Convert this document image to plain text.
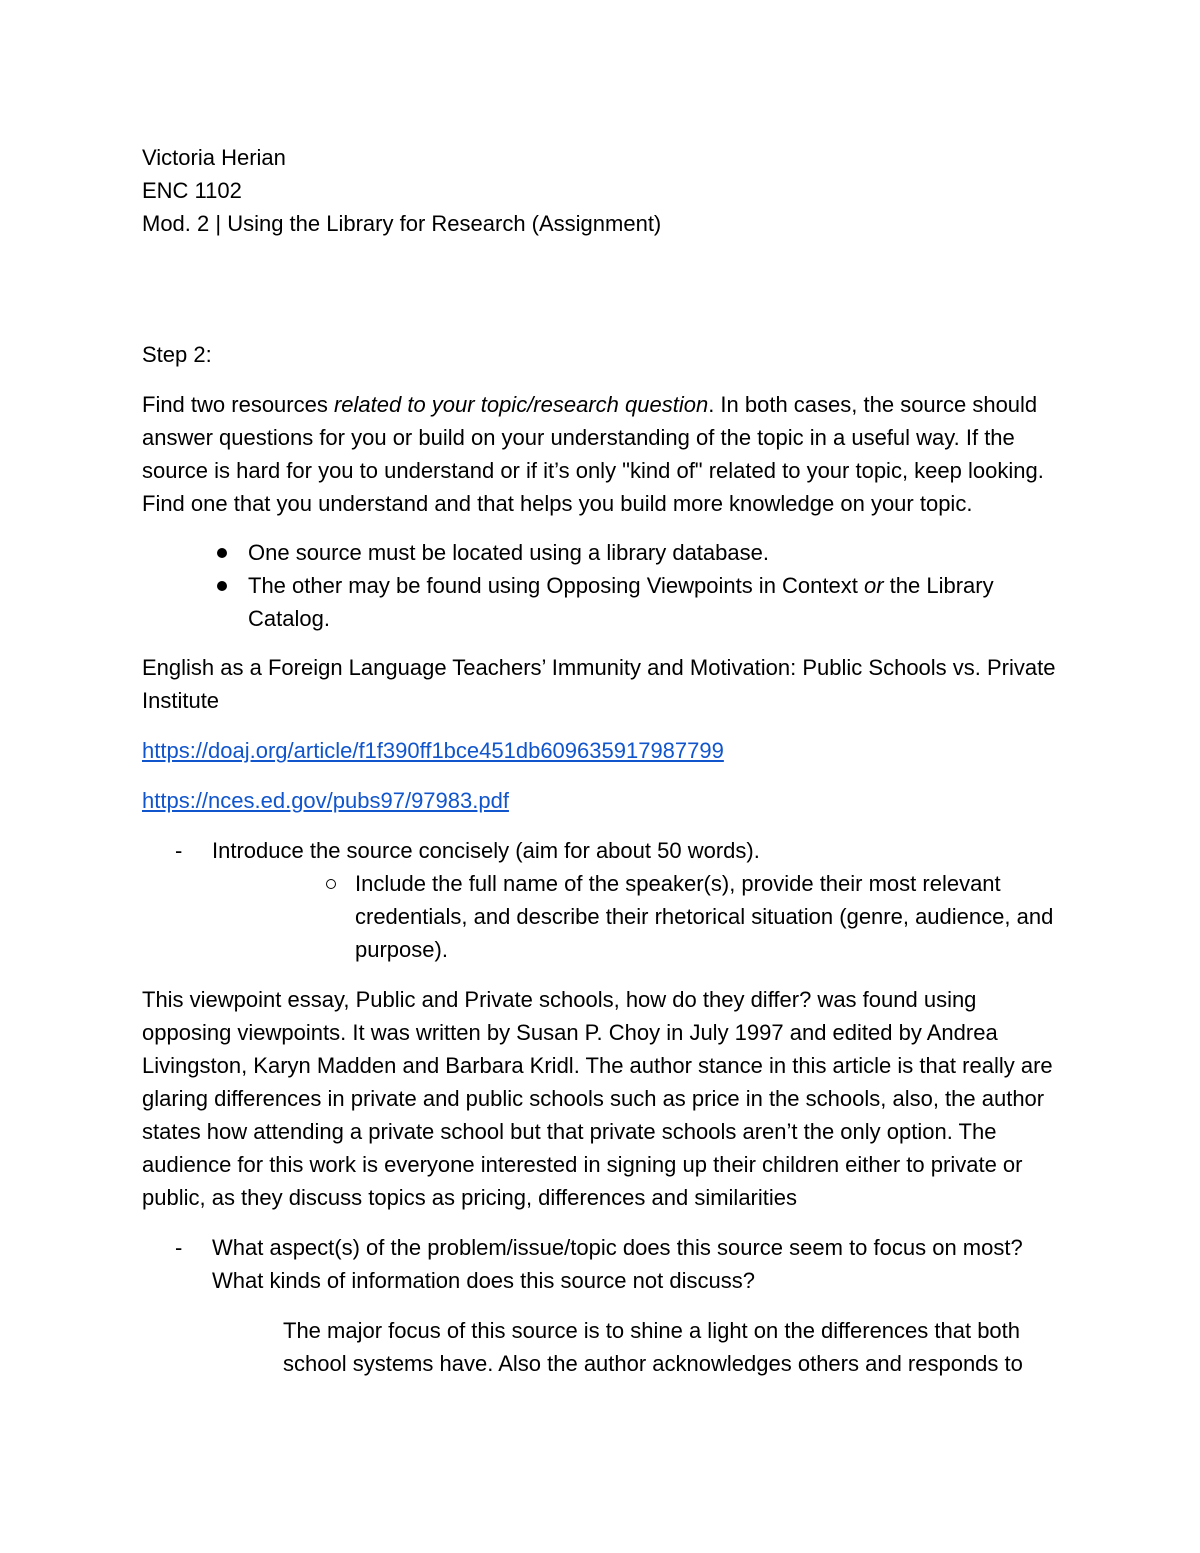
Victoria Herian

ENC 1102

Mod. 2 | Using the Library for Research (Assignment)

Step 2:

Find two resources related to your topic/research question. In both cases, the source should answer questions for you or build on your understanding of the topic in a useful way. If the source is hard for you to understand or if it’s only "kind of" related to your topic, keep looking. Find one that you understand and that helps you build more knowledge on your topic.

One source must be located using a library database.
The other may be found using Opposing Viewpoints in Context or the Library Catalog.

English as a Foreign Language Teachers’ Immunity and Motivation: Public Schools vs. Private Institute

https://doaj.org/article/f1f390ff1bce451db609635917987799

https://nces.ed.gov/pubs97/97983.pdf

- Introduce the source concisely (aim for about 50 words).
Include the full name of the speaker(s), provide their most relevant credentials, and describe their rhetorical situation (genre, audience, and purpose).

This viewpoint essay, Public and Private schools, how do they differ? was found using opposing viewpoints. It was written by Susan P. Choy in July 1997 and edited by Andrea Livingston, Karyn Madden and Barbara Kridl. The author stance in this article is that really are glaring differences in private and public schools such as price in the schools, also, the author states how attending a private school but that private schools aren’t the only option. The audience for this work is everyone interested in signing up their children either to private or public, as they discuss topics as pricing, differences and similarities

- What aspect(s) of the problem/issue/topic does this source seem to focus on most? What kinds of information does this source not discuss?

The major focus of this source is to shine a light on the differences that both school systems have. Also the author acknowledges others and responds to
